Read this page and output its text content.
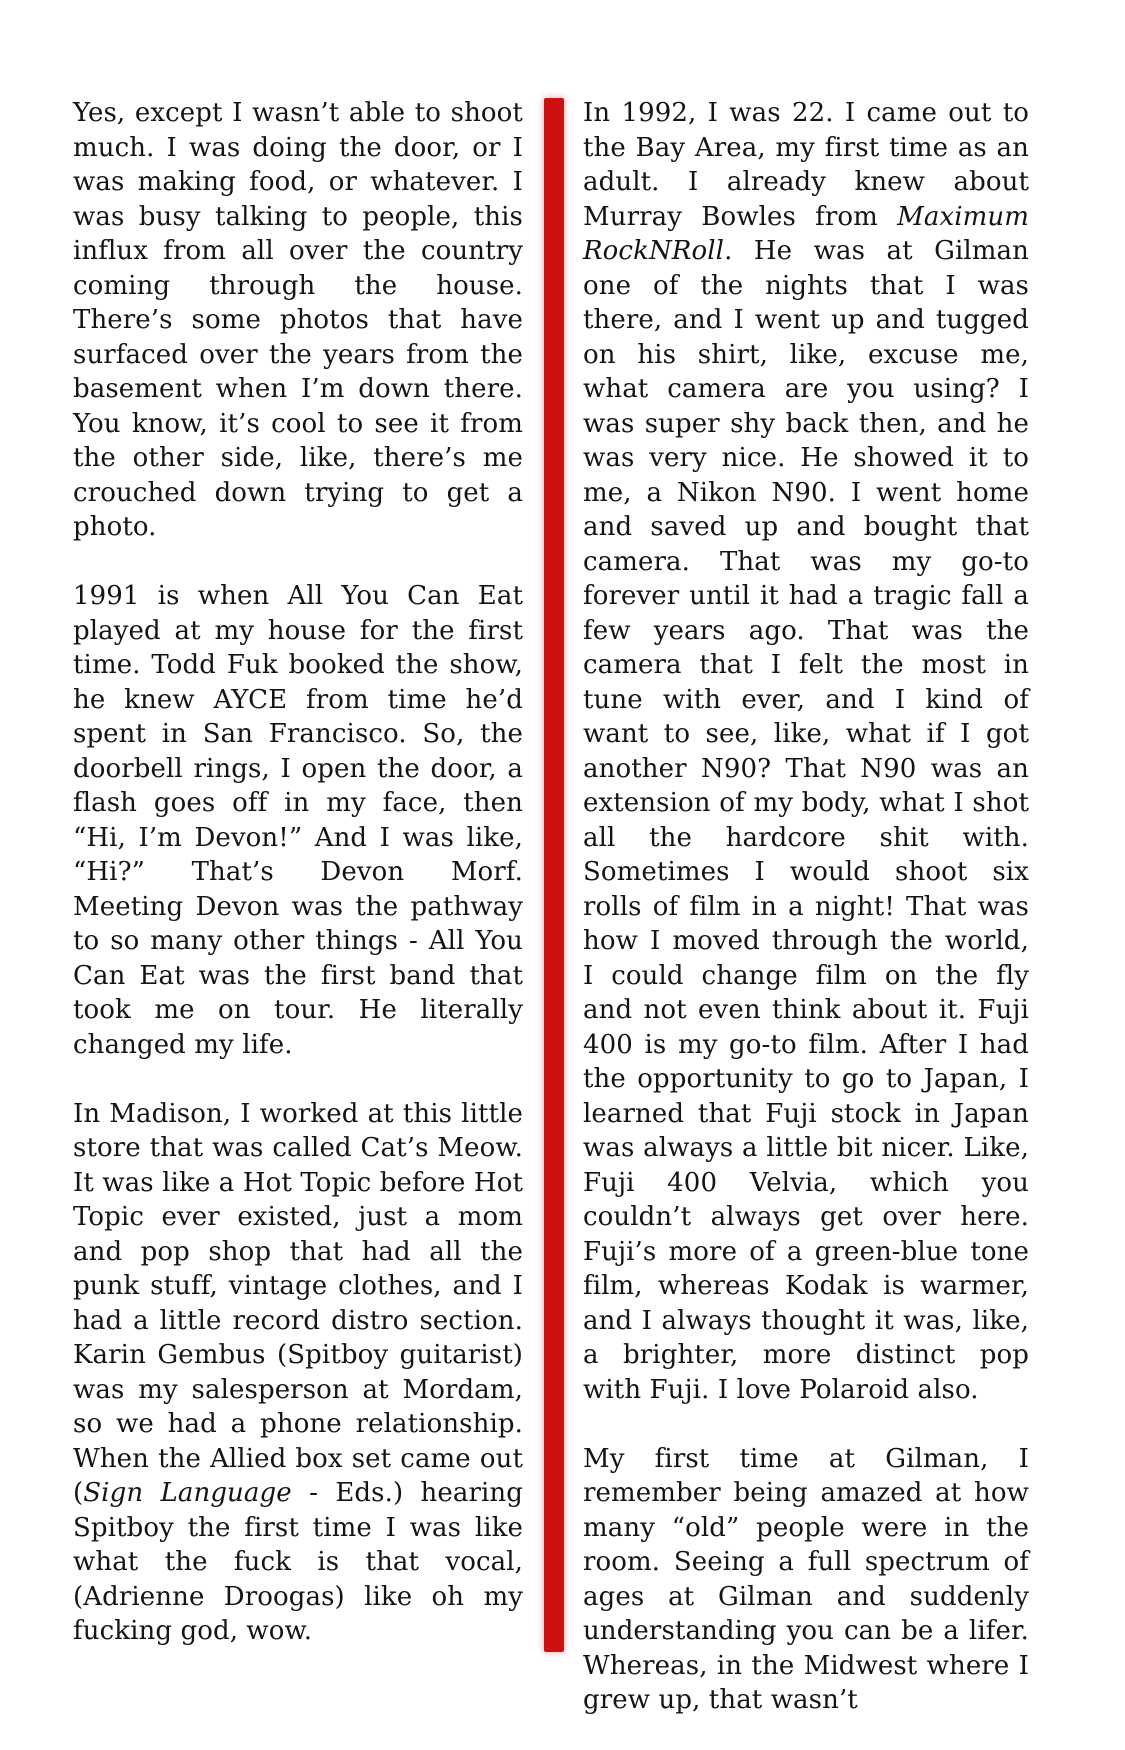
Yes, except I wasn’t able to shoot much. I was doing the door, or I was making food, or whatever. I was busy talking to people, this influx from all over the country coming through the house. There’s some photos that have surfaced over the years from the basement when I’m down there. You know, it’s cool to see it from the other side, like, there’s me crouched down trying to get a photo.

1991 is when All You Can Eat played at my house for the first time. Todd Fuk booked the show, he knew AYCE from time he’d spent in San Francisco. So, the doorbell rings, I open the door, a flash goes off in my face, then “Hi, I’m Devon!” And I was like, “Hi?” That’s Devon Morf. Meeting Devon was the pathway to so many other things - All You Can Eat was the first band that took me on tour. He literally changed my life.

In Madison, I worked at this little store that was called Cat’s Meow. It was like a Hot Topic before Hot Topic ever existed, just a mom and pop shop that had all the punk stuff, vintage clothes, and I had a little record distro section. Karin Gembus (Spitboy guitarist) was my salesperson at Mordam, so we had a phone relationship. When the Allied box set came out (Sign Language - Eds.) hearing Spitboy the first time I was like what the fuck is that vocal, (Adrienne Droogas) like oh my fucking god, wow.

In 1992, I was 22. I came out to the Bay Area, my first time as an adult. I already knew about Murray Bowles from Maximum RockNRoll. He was at Gilman one of the nights that I was there, and I went up and tugged on his shirt, like, excuse me, what camera are you using? I was super shy back then, and he was very nice. He showed it to me, a Nikon N90. I went home and saved up and bought that camera. That was my go-to forever until it had a tragic fall a few years ago. That was the camera that I felt the most in tune with ever, and I kind of want to see, like, what if I got another N90? That N90 was an extension of my body, what I shot all the hardcore shit with. Sometimes I would shoot six rolls of film in a night! That was how I moved through the world, I could change film on the fly and not even think about it. Fuji 400 is my go-to film. After I had the opportunity to go to Japan, I learned that Fuji stock in Japan was always a little bit nicer. Like, Fuji 400 Velvia, which you couldn’t always get over here. Fuji’s more of a green-blue tone film, whereas Kodak is warmer, and I always thought it was, like, a brighter, more distinct pop with Fuji. I love Polaroid also.

My first time at Gilman, I remember being amazed at how many “old” people were in the room. Seeing a full spectrum of ages at Gilman and suddenly understanding you can be a lifer. Whereas, in the Midwest where I grew up, that wasn’t
